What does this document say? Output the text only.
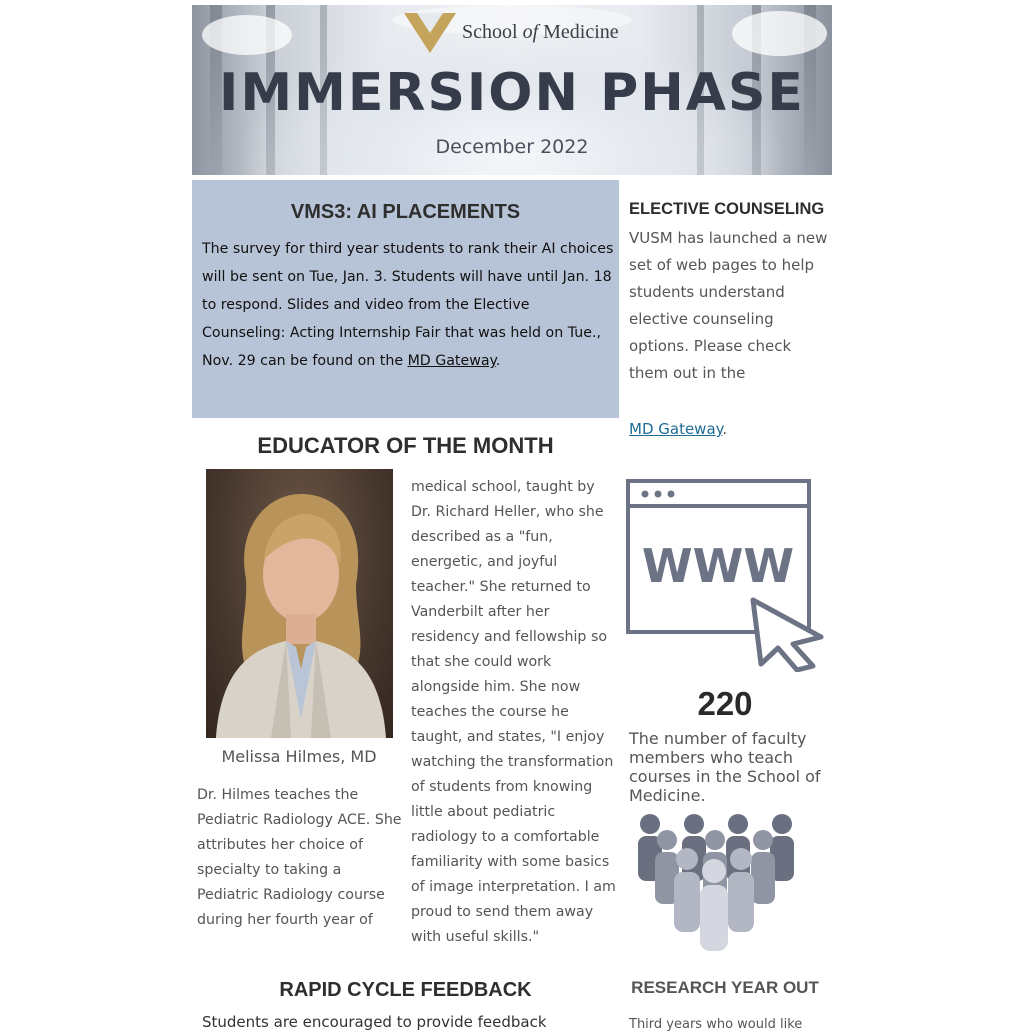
School of Medicine
IMMERSION PHASE
December 2022
VMS3: AI PLACEMENTS
The survey for third year students to rank their AI choices will be sent on Tue, Jan. 3. Students will have until Jan. 18 to respond. Slides and video from the Elective Counseling: Acting Internship Fair that was held on Tue., Nov. 29 can be found on the MD Gateway.
ELECTIVE COUNSELING
VUSM has launched a new set of web pages to help students understand elective counseling options. Please check them out in the
MD Gateway.
WWW
220
The number of faculty members who teach courses in the School of Medicine.
RESEARCH YEAR OUT
Third years who would like
EDUCATOR OF THE MONTH
Melissa Hilmes, MD
Dr. Hilmes teaches the Pediatric Radiology ACE. She attributes her choice of specialty to taking a Pediatric Radiology course during her fourth year of
medical school, taught by Dr. Richard Heller, who she described as a "fun, energetic, and joyful teacher." She returned to Vanderbilt after her residency and fellowship so that she could work alongside him. She now teaches the course he taught, and states, "I enjoy watching the transformation of students from knowing little about pediatric radiology to a comfortable familiarity with some basics of image interpretation. I am proud to send them away with useful skills."
RAPID CYCLE FEEDBACK
Students are encouraged to provide feedback
